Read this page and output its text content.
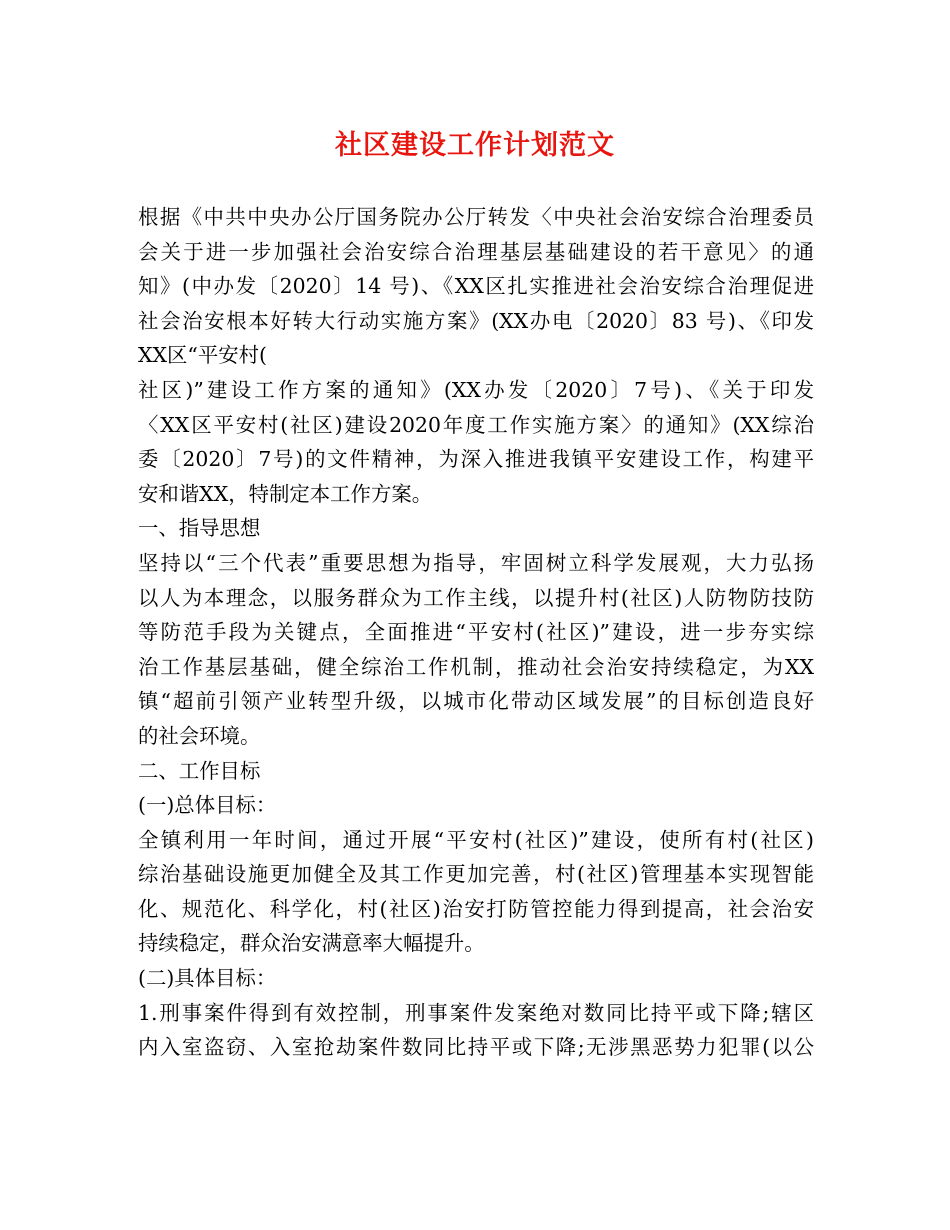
社区建设工作计划范文
根据《中共中央办公厅国务院办公厅转发〈中央社会治安综合治理委员
会关于进一步加强社会治安综合治理基层基础建设的若干意见〉的通
知》(中办发〔2020〕14 号)、《XX区扎实推进社会治安综合治理促进
社会治安根本好转大行动实施方案》(XX办电〔2020〕83 号)、《印发
XX区“平安村(
社区)”建设工作方案的通知》(XX办发〔2020〕7号)、《关于印发
〈XX区平安村(社区)建设2020年度工作实施方案〉的通知》(XX综治
委〔2020〕7号)的文件精神，为深入推进我镇平安建设工作，构建平
安和谐XX，特制定本工作方案。
一、指导思想
坚持以“三个代表”重要思想为指导，牢固树立科学发展观，大力弘扬
以人为本理念，以服务群众为工作主线，以提升村(社区)人防物防技防
等防范手段为关键点，全面推进“平安村(社区)”建设，进一步夯实综
治工作基层基础，健全综治工作机制，推动社会治安持续稳定，为XX
镇“超前引领产业转型升级，以城市化带动区域发展”的目标创造良好
的社会环境。
二、工作目标
(一)总体目标：
全镇利用一年时间，通过开展“平安村(社区)”建设，使所有村(社区)
综治基础设施更加健全及其工作更加完善，村(社区)管理基本实现智能
化、规范化、科学化，村(社区)治安打防管控能力得到提高，社会治安
持续稳定，群众治安满意率大幅提升。
(二)具体目标：
1.刑事案件得到有效控制，刑事案件发案绝对数同比持平或下降;辖区
内入室盗窃、入室抢劫案件数同比持平或下降;无涉黑恶势力犯罪(以公
